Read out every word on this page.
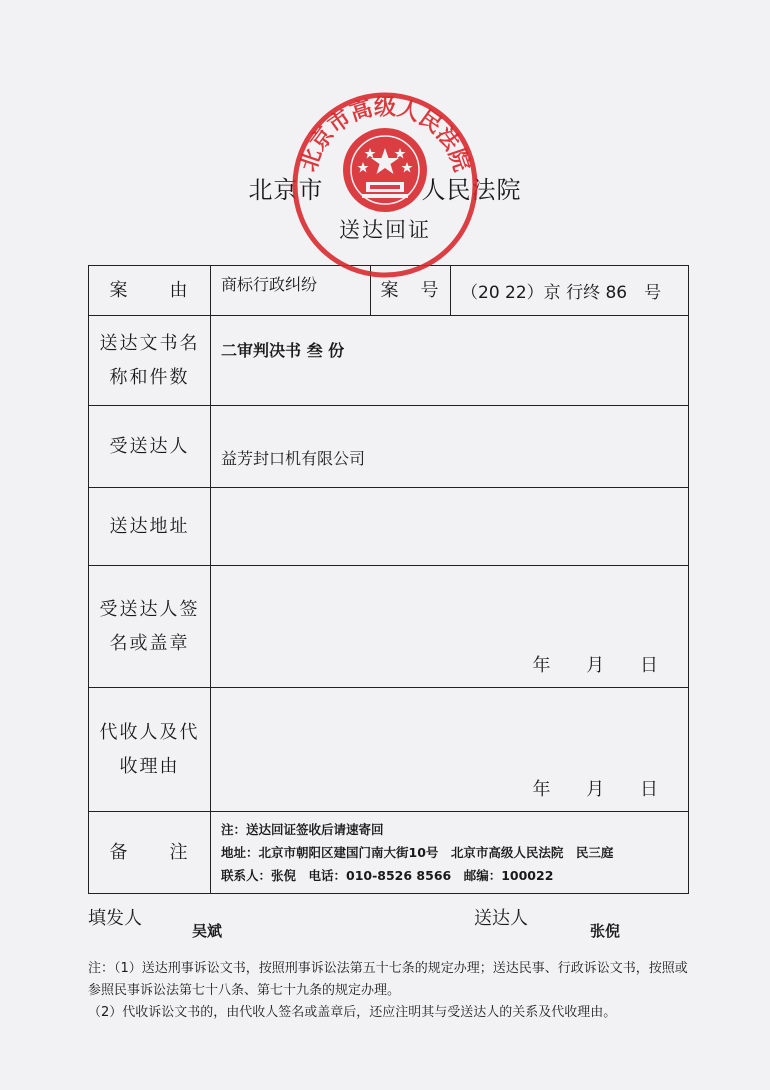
北京市	人民法院
送达回证
案　　由	商标行政纠纷	案　号	（20 22）京 行终 86　号

送达文书名
称和件数	二审判决书 叁 份		
受送达人	益芳封口机有限公司		
送达地址			

受送达人签
名或盖章	年 月 日		

代收人及代
收理由	年 月 日		

备　　注	注：送达回证签收后请速寄回
地址：北京市朝阳区建国门南大街10号　北京市高级人民法院　民三庭
联系人：张倪　电话：010-8526 8566　邮编：100022		
北京市高级人民法院
填发人
吴斌
送达人
张倪
注：（1）送达刑事诉讼文书，按照刑事诉讼法第五十七条的规定办理；送达民事、行政诉讼文书，按照或参照民事诉讼法第七十八条、第七十九条的规定办理。
（2）代收诉讼文书的，由代收人签名或盖章后，还应注明其与受送达人的关系及代收理由。
